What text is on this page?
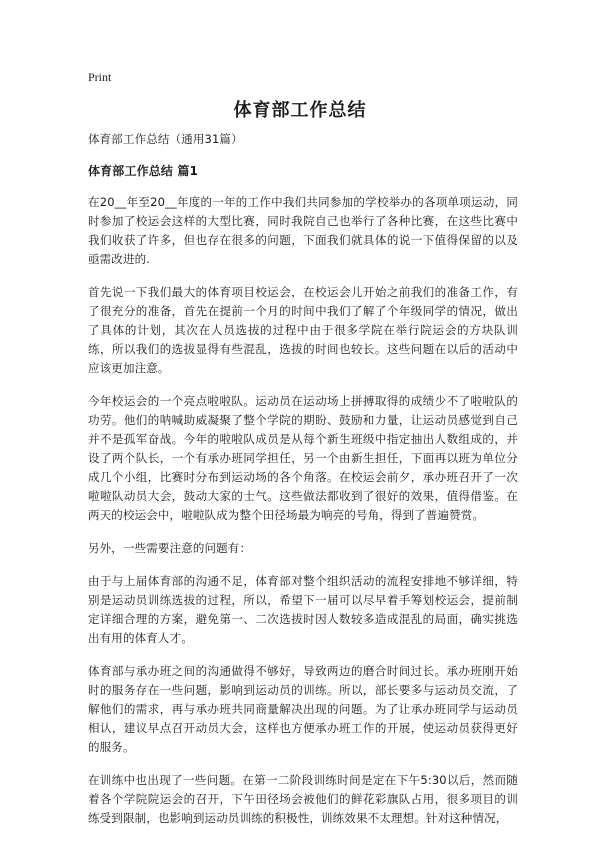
Print
体育部工作总结

体育部工作总结（通用31篇）

体育部工作总结 篇1

在20__年至20__年度的一年的工作中我们共同参加的学校举办的各项单项运动，同时参加了校运会这样的大型比赛，同时我院自己也举行了各种比赛，在这些比赛中我们收获了许多，但也存在很多的问题，下面我们就具体的说一下值得保留的以及亟需改进的.

首先说一下我们最大的体育项目校运会，在校运会儿开始之前我们的准备工作，有了很充分的准备，首先在提前一个月的时间中我们了解了个年级同学的情况，做出了具体的计划，其次在人员选拔的过程中由于很多学院在举行院运会的方块队训练，所以我们的选拔显得有些混乱，选拔的时间也较长。这些问题在以后的活动中应该更加注意。

今年校运会的一个亮点啦啦队。运动员在运动场上拼搏取得的成绩少不了啦啦队的功劳。他们的呐喊助威凝聚了整个学院的期盼、鼓励和力量，让运动员感觉到自己并不是孤军奋战。今年的啦啦队成员是从每个新生班级中指定抽出人数组成的，并设了两个队长，一个有承办班同学担任，另一个由新生担任，下面再以班为单位分成几个小组，比赛时分布到运动场的各个角落。在校运会前夕，承办班召开了一次啦啦队动员大会，鼓动大家的士气。这些做法都收到了很好的效果，值得借鉴。在两天的校运会中，啦啦队成为整个田径场最为响亮的号角，得到了普遍赞赏。

另外，一些需要注意的问题有：

由于与上届体育部的沟通不足，体育部对整个组织活动的流程安排地不够详细，特别是运动员训练选拔的过程，所以，希望下一届可以尽早着手筹划校运会，提前制定详细合理的方案，避免第一、二次选拔时因人数较多造成混乱的局面，确实挑选出有用的体育人才。

体育部与承办班之间的沟通做得不够好，导致两边的磨合时间过长。承办班刚开始时的服务存在一些问题，影响到运动员的训练。所以，部长要多与运动员交流，了解他们的需求，再与承办班共同商量解决出现的问题。为了让承办班同学与运动员相认，建议早点召开动员大会，这样也方便承办班工作的开展，使运动员获得更好的服务。

在训练中也出现了一些问题。在第一二阶段训练时间是定在下午5:30以后，然而随着各个学院院运会的召开，下午田径场会被他们的鲜花彩旗队占用，很多项目的训练受到限制，也影响到运动员训练的积极性，训练效果不太理想。针对这种情况，
